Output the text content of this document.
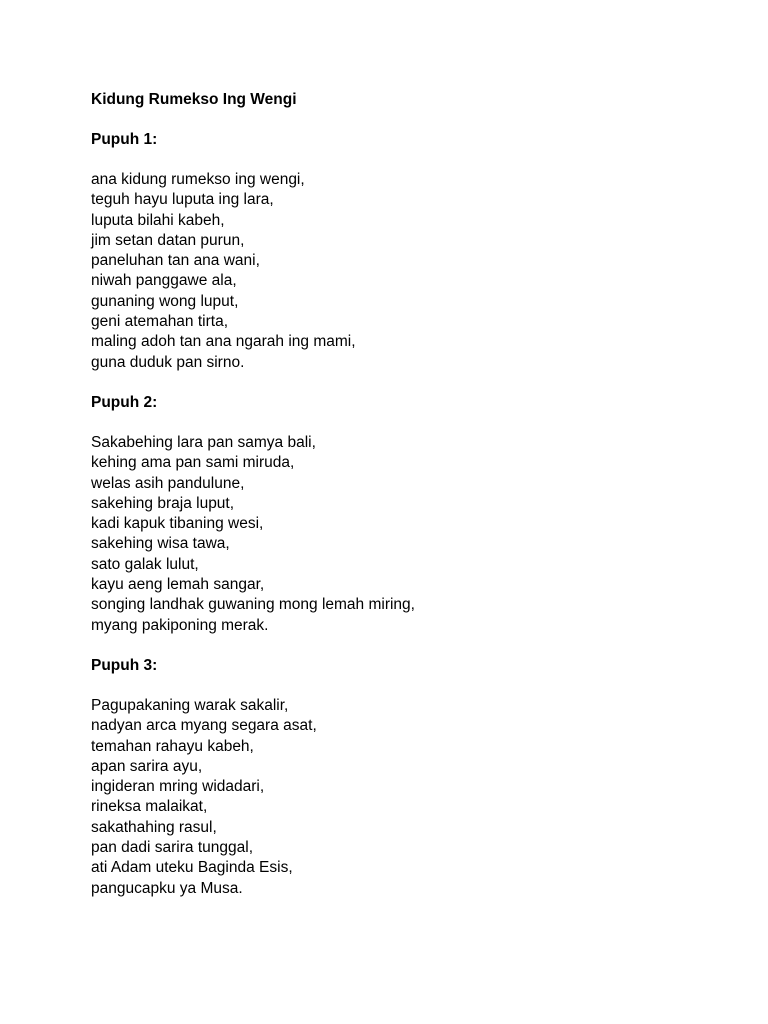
Kidung Rumekso Ing Wengi
Pupuh 1:
ana kidung rumekso ing wengi,
teguh hayu luputa ing lara,
luputa bilahi kabeh,
jim setan datan purun,
paneluhan tan ana wani,
niwah panggawe ala,
gunaning wong luput,
geni atemahan tirta,
maling adoh tan ana ngarah ing mami,
guna duduk pan sirno.
Pupuh 2:
Sakabehing lara pan samya bali,
kehing ama pan sami miruda,
welas asih pandulune,
sakehing braja luput,
kadi kapuk tibaning wesi,
sakehing wisa tawa,
sato galak lulut,
kayu aeng lemah sangar,
songing landhak guwaning mong lemah miring,
myang pakiponing merak.
Pupuh 3:
Pagupakaning warak sakalir,
nadyan arca myang segara asat,
temahan rahayu kabeh,
apan sarira ayu,
ingideran mring widadari,
rineksa malaikat,
sakathahing rasul,
pan dadi sarira tunggal,
ati Adam uteku Baginda Esis,
pangucapku ya Musa.
